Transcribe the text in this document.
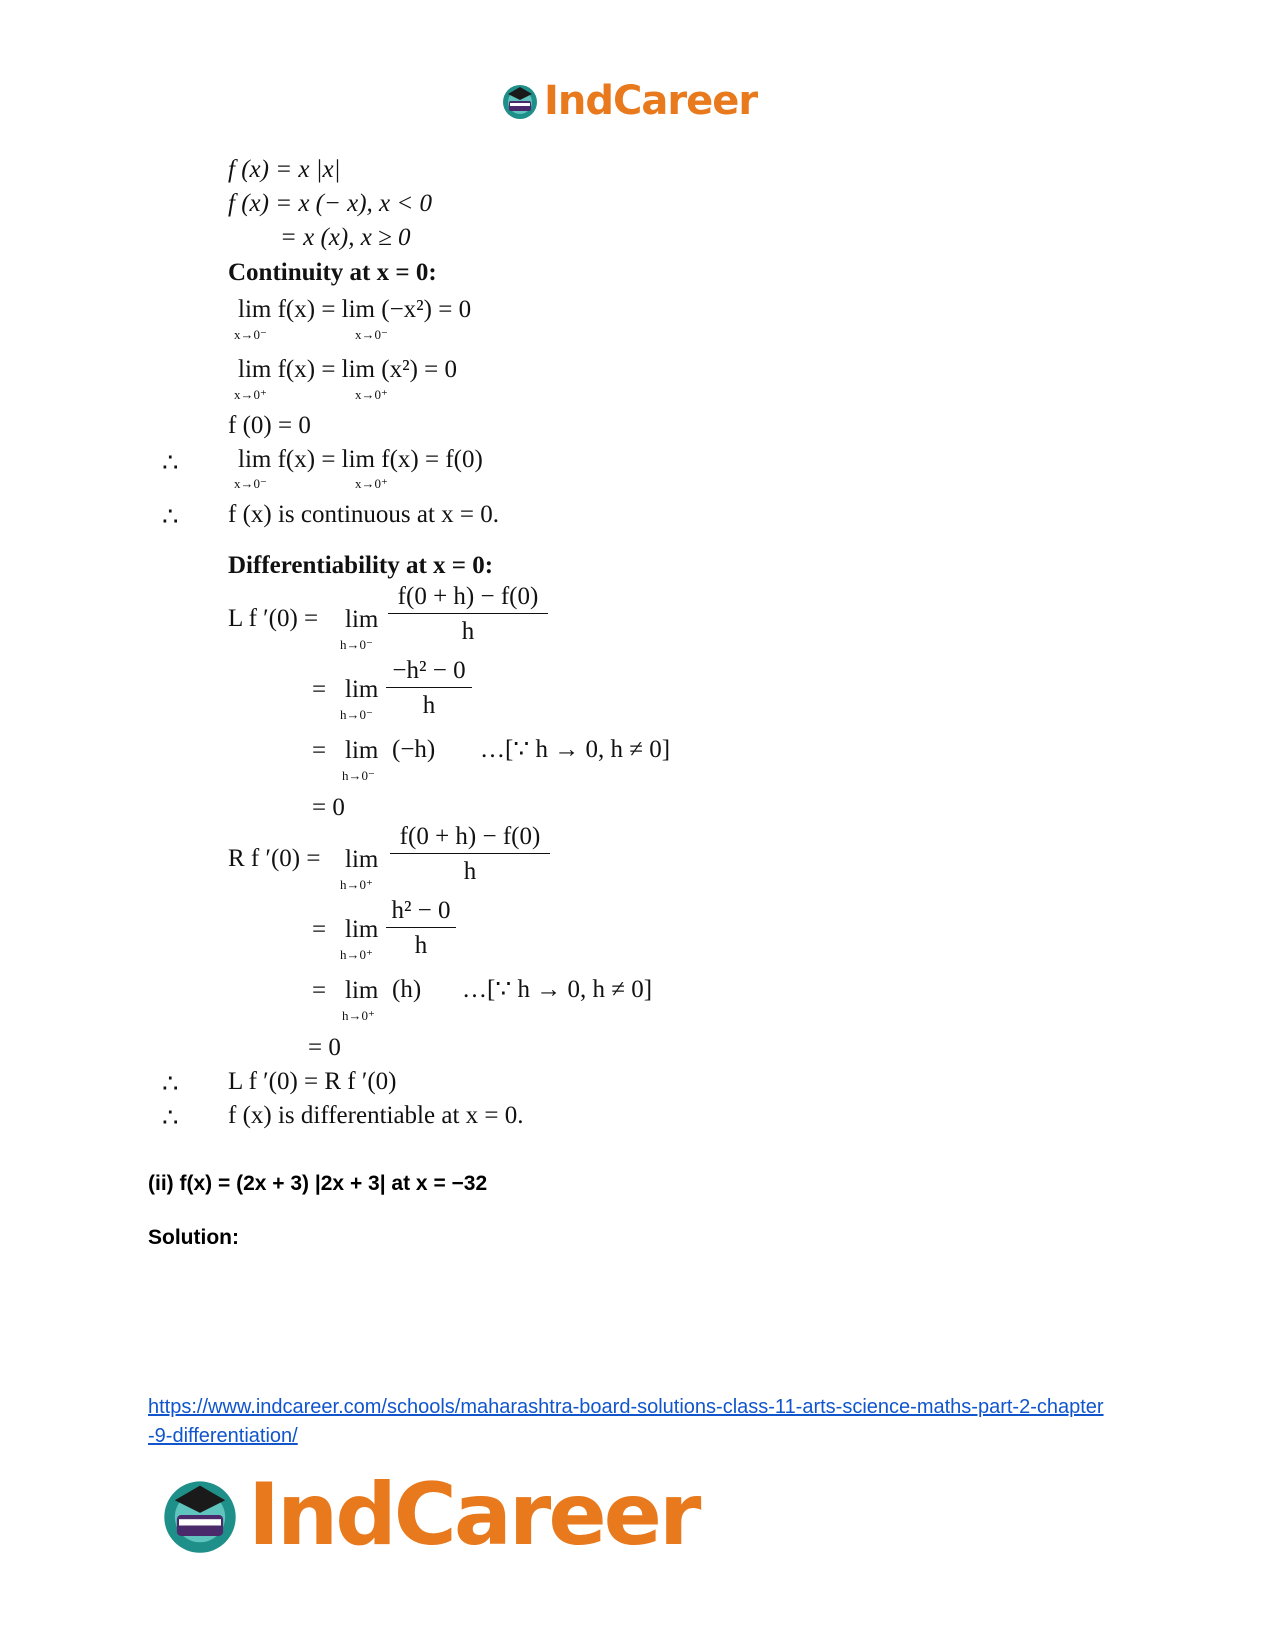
IndCareer
f (x) = x |x|
f (x) = x (− x), x < 0
= x (x), x ≥ 0
Continuity at x = 0:
lim f(x) = lim (−x²) = 0
x→0⁻	x→0⁻
lim f(x) = lim (x²) = 0
x→0⁺	x→0⁺
f (0) = 0
∴ lim f(x) = lim f(x) = f(0)
x→0⁻	x→0⁺
∴ f (x) is continuous at x = 0.
Differentiability at x = 0:
L f ′(0) = lim
$h\to 0^- \frac{f(0 + h) - f(0)}{h}$
= lim
$h\to 0^- \frac{\text{−h² − 0}}{h}$
= lim
h→0⁻
(−h) …[∵ h → 0, h ≠ 0]
= 0
R f ′(0) = lim
$h\to 0^+ \frac{f(0 + h) - f(0)}{h}$
= lim
$h\to 0^+ \frac{\text{h² − 0}}{h}$
= lim
h→0⁺
(h) …[∵ h → 0, h ≠ 0]
= 0
∴ L f ′(0) = R f ′(0)
∴ f (x) is differentiable at x = 0.
(ii) f(x) = (2x + 3) |2x + 3| at x = −32
Solution:
https://www.indcareer.com/schools/maharashtra-board-solutions-class-11-arts-science-maths-part-2-chapter-9-differentiation/
IndCareer
